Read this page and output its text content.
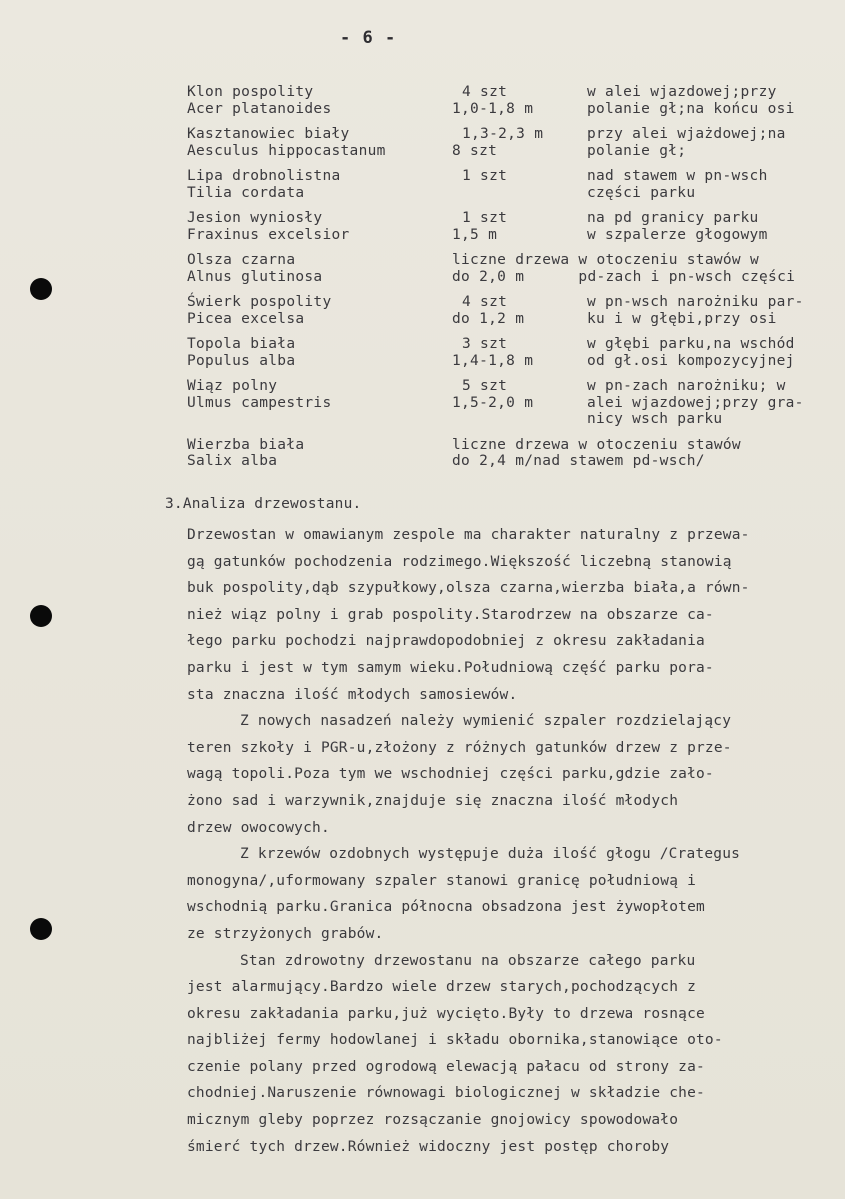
- 6 -
Klon pospolity
Acer platanoides
4 szt
1,0-1,8 m
w alei wjazdowej;przy
polanie gł;na końcu osi
Kasztanowiec biały
Aesculus hippocastanum
1,3-2,3 m
8 szt
przy alei wjażdowej;na
polanie gł;
Lipa drobnolistna
Tilia cordata
1 szt	nad stawem w pn-wsch
części parku
Jesion wyniosły
Fraxinus excelsior
1 szt
1,5 m
na pd granicy parku
w szpalerze głogowym
Olsza czarna
Alnus glutinosa
liczne drzewa w otoczeniu stawów w
do 2,0 m      pd-zach i pn-wsch części
Świerk pospolity
Picea excelsa
4 szt
do 1,2 m
w pn-wsch narożniku par-
ku i w głębi,przy osi
Topola biała
Populus alba
3 szt
1,4-1,8 m
w głębi parku,na wschód
od gł.osi kompozycyjnej
Wiąz polny
Ulmus campestris
5 szt
1,5-2,0 m
w pn-zach narożniku; w
alei wjazdowej;przy gra-
nicy wsch parku
Wierzba biała
Salix alba
liczne drzewa w otoczeniu stawów
do 2,4 m/nad stawem pd-wsch/
3.Analiza drzewostanu.
Drzewostan w omawianym zespole ma charakter naturalny z przewa-
gą gatunków pochodzenia rodzimego.Większość liczebną stanowią
buk pospolity,dąb szypułkowy,olsza czarna,wierzba biała,a równ-
nież wiąz polny i grab pospolity.Starodrzew na obszarze ca-
łego parku pochodzi najprawdopodobniej z okresu zakładania
parku i jest w tym samym wieku.Południową część parku pora-
sta znaczna ilość młodych samosiewów.
Z nowych nasadzeń należy wymienić szpaler rozdzielający
teren szkoły i PGR-u,złożony z różnych gatunków drzew z prze-
wagą topoli.Poza tym we wschodniej części parku,gdzie zało-
żono sad i warzywnik,znajduje się znaczna ilość młodych
drzew owocowych.
Z krzewów ozdobnych występuje duża ilość głogu /Crategus
monogyna/,uformowany szpaler stanowi granicę południową i
wschodnią parku.Granica północna obsadzona jest żywopłotem
ze strzyżonych grabów.
Stan zdrowotny drzewostanu na obszarze całego parku
jest alarmujący.Bardzo wiele drzew starych,pochodzących z
okresu zakładania parku,już wycięto.Były to drzewa rosnące
najbliżej fermy hodowlanej i składu obornika,stanowiące oto-
czenie polany przed ogrodową elewacją pałacu od strony za-
chodniej.Naruszenie równowagi biologicznej w składzie che-
micznym gleby poprzez rozsączanie gnojowicy spowodowało
śmierć tych drzew.Również widoczny jest postęp choroby
